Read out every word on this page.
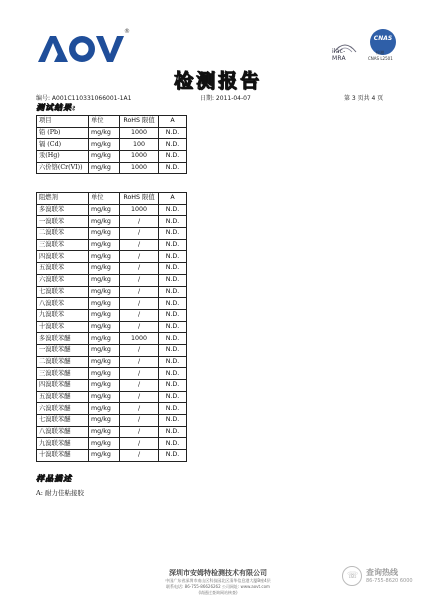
®
ilac-MRA
CNAS
检测
CNAS L2501
检测报告
编号: A001C110331066001-1A1	日期: 2011-04-07	第 3 页共 4 页
测试结果:
项目	单位	RoHS 限值	A
铅 (Pb)	mg/kg	1000	N.D.
镉 (Cd)	mg/kg	100	N.D.
汞(Hg)	mg/kg	1000	N.D.
六价铬(Cr(VI))	mg/kg	1000	N.D.
阻燃剂	单位	RoHS 限值	A
多溴联苯	mg/kg	1000	N.D.
一溴联苯	mg/kg	/	N.D.
二溴联苯	mg/kg	/	N.D.
三溴联苯	mg/kg	/	N.D.
四溴联苯	mg/kg	/	N.D.
五溴联苯	mg/kg	/	N.D.
六溴联苯	mg/kg	/	N.D.
七溴联苯	mg/kg	/	N.D.
八溴联苯	mg/kg	/	N.D.
九溴联苯	mg/kg	/	N.D.
十溴联苯	mg/kg	/	N.D.
多溴联苯醚	mg/kg	1000	N.D.
一溴联苯醚	mg/kg	/	N.D.
二溴联苯醚	mg/kg	/	N.D.
三溴联苯醚	mg/kg	/	N.D.
四溴联苯醚	mg/kg	/	N.D.
五溴联苯醚	mg/kg	/	N.D.
六溴联苯醚	mg/kg	/	N.D.
七溴联苯醚	mg/kg	/	N.D.
八溴联苯醚	mg/kg	/	N.D.
九溴联苯醚	mg/kg	/	N.D.
十溴联苯醚	mg/kg	/	N.D.
样品描述
A: 耐力佳粘接胶
深圳市安姆特检测技术有限公司
中国广东省深圳市南山区科技园北区清华信息港大厦B座4层
联系电话: 86-755-86626262 公司网址: www.aovt.com
(请通过查询网站核查)
☏ 查询热线
86-755-8620 6000
